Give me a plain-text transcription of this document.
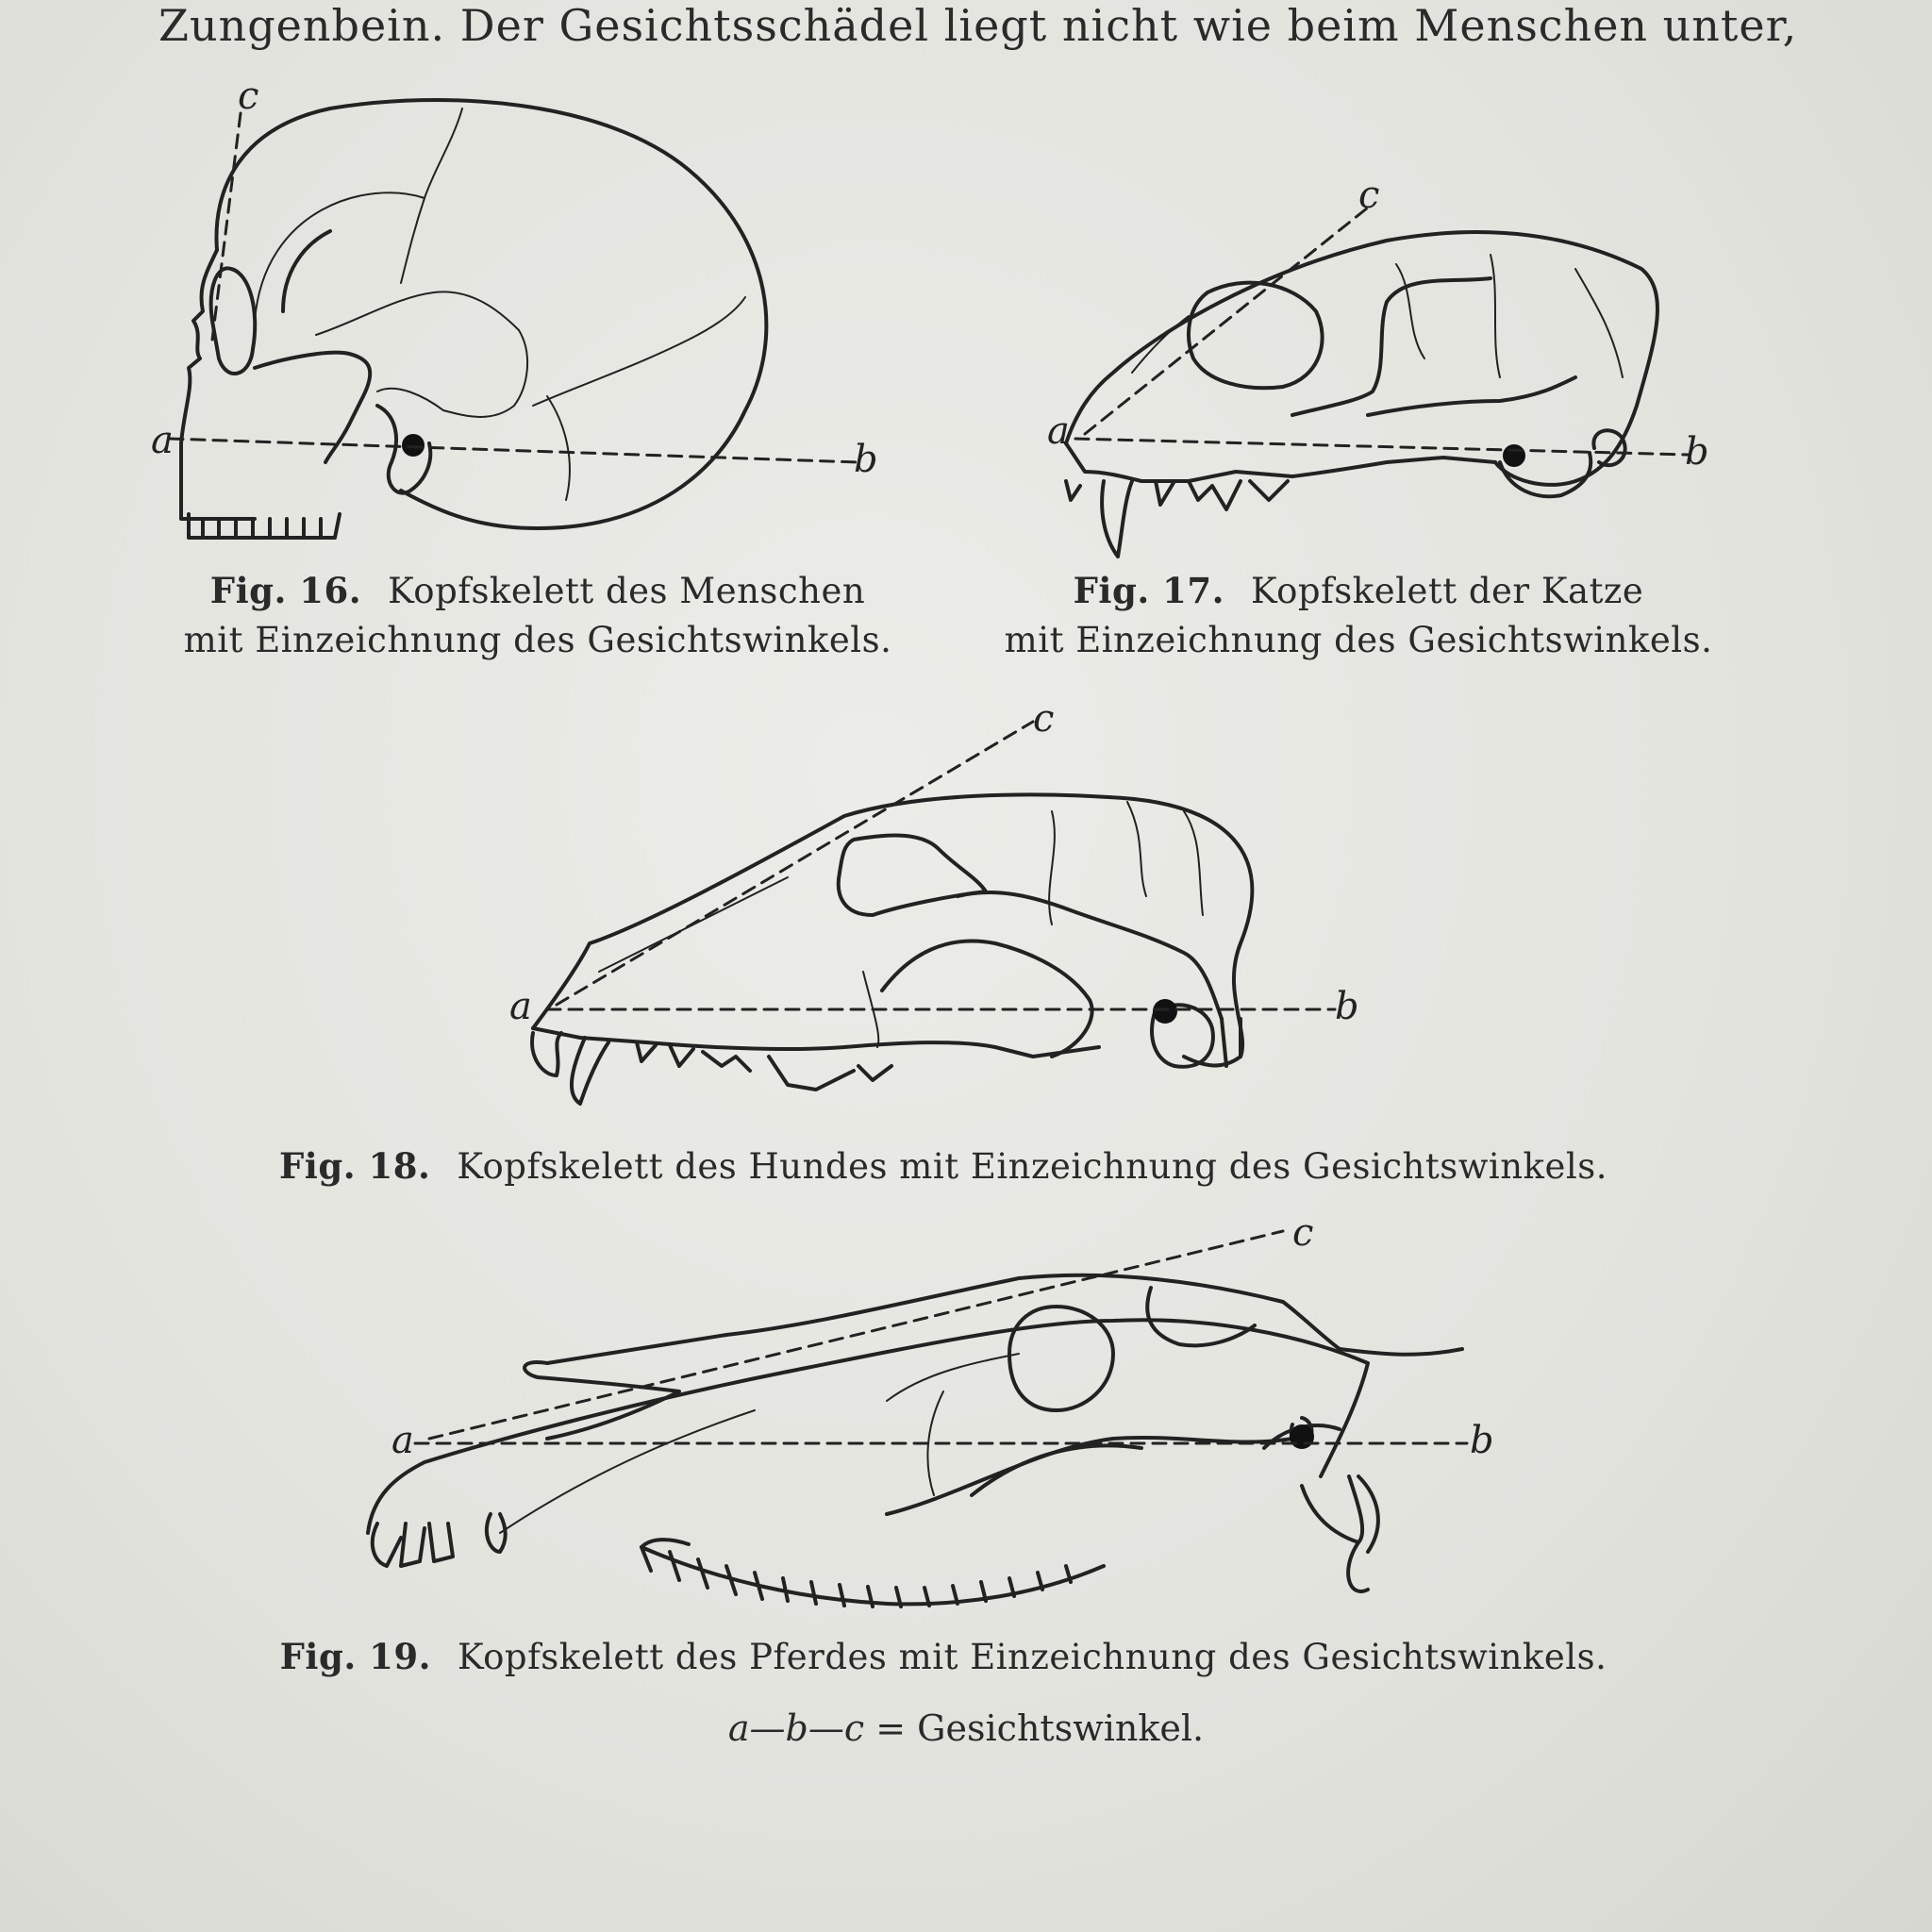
Zungenbein. Der Gesichtsschädel liegt nicht wie beim Menschen unter,
a	b
c
a	b
c
a	b
c
a	b
c
Fig. 16. Kopfskelett des Menschen
mit Einzeichnung des Gesichtswinkels.
Fig. 17. Kopfskelett der Katze
mit Einzeichnung des Gesichtswinkels.
Fig. 18. Kopfskelett des Hundes mit Einzeichnung des Gesichtswinkels.
Fig. 19. Kopfskelett des Pferdes mit Einzeichnung des Gesichtswinkels.
a—b—c = Gesichtswinkel.
